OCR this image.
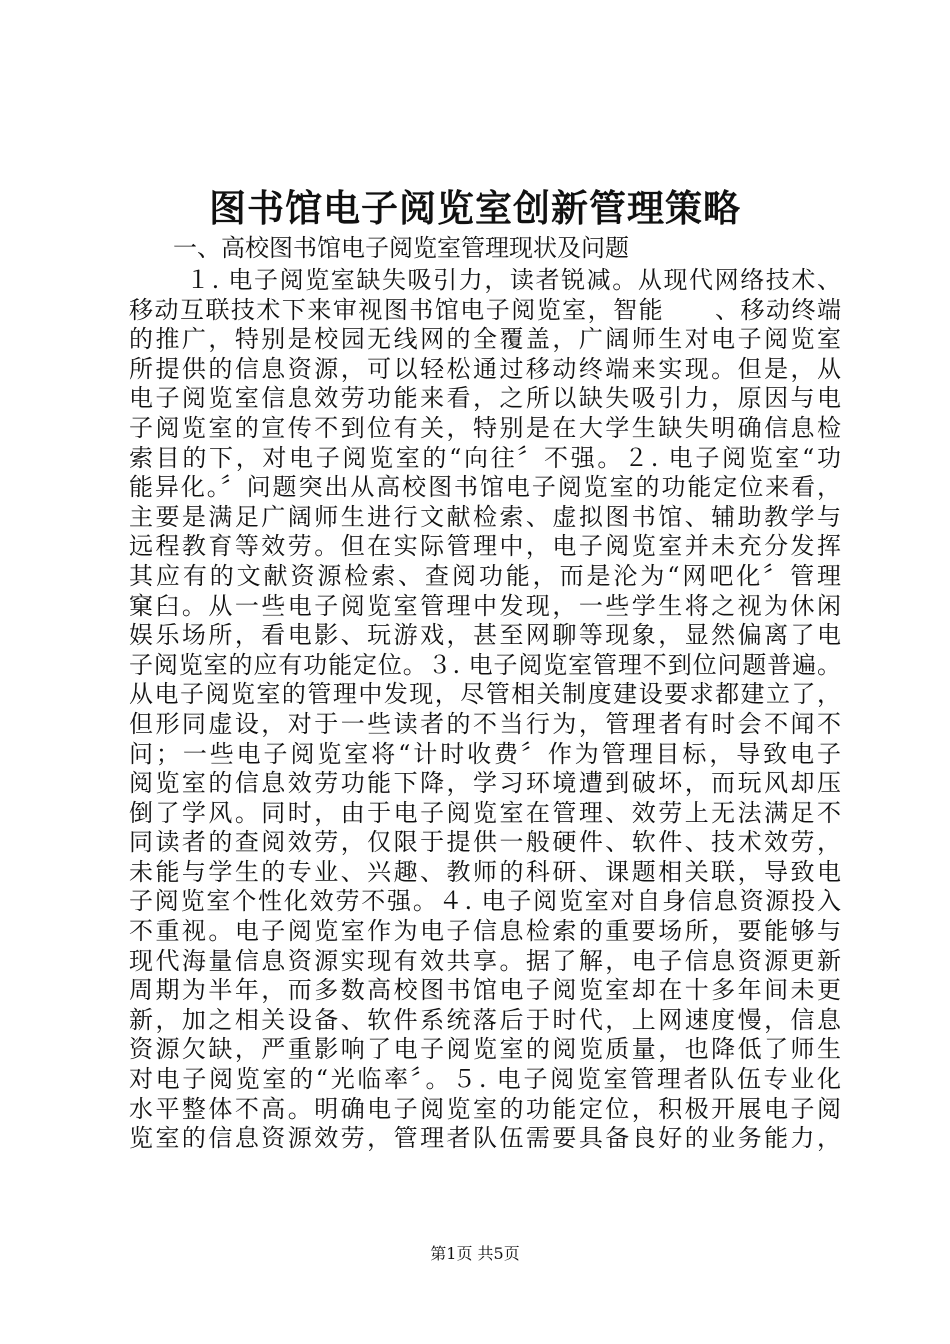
图书馆电子阅览室创新管理策略

一、高校图书馆电子阅览室管理现状及问题

１. 电子阅览室缺失吸引力，读者锐减。从现代网络技术、
移动互联技术下来审视图书馆电子阅览室，智能　　、移动终端
的推广，特别是校园无线网的全覆盖，广阔师生对电子阅览室
所提供的信息资源，可以轻松通过移动终端来实现。但是，从
电子阅览室信息效劳功能来看，之所以缺失吸引力，原因与电
子阅览室的宣传不到位有关，特别是在大学生缺失明确信息检
索目的下，对电子阅览室的“向往〞不强。２. 电子阅览室“功
能异化。〞问题突出从高校图书馆电子阅览室的功能定位来看，
主要是满足广阔师生进行文献检索、虚拟图书馆、辅助教学与
远程教育等效劳。但在实际管理中，电子阅览室并未充分发挥
其应有的文献资源检索、查阅功能，而是沦为“网吧化〞管理
窠臼。从一些电子阅览室管理中发现，一些学生将之视为休闲
娱乐场所，看电影、玩游戏，甚至网聊等现象，显然偏离了电
子阅览室的应有功能定位。３. 电子阅览室管理不到位问题普遍。
从电子阅览室的管理中发现，尽管相关制度建设要求都建立了，
但形同虚设，对于一些读者的不当行为，管理者有时会不闻不
问；一些电子阅览室将“计时收费〞作为管理目标，导致电子
阅览室的信息效劳功能下降，学习环境遭到破坏，而玩风却压
倒了学风。同时，由于电子阅览室在管理、效劳上无法满足不
同读者的查阅效劳，仅限于提供一般硬件、软件、技术效劳，
未能与学生的专业、兴趣、教师的科研、课题相关联，导致电
子阅览室个性化效劳不强。４. 电子阅览室对自身信息资源投入
不重视。电子阅览室作为电子信息检索的重要场所，要能够与
现代海量信息资源实现有效共享。据了解，电子信息资源更新
周期为半年，而多数高校图书馆电子阅览室却在十多年间未更
新，加之相关设备、软件系统落后于时代，上网速度慢，信息
资源欠缺，严重影响了电子阅览室的阅览质量，也降低了师生
对电子阅览室的“光临率〞。５. 电子阅览室管理者队伍专业化
水平整体不高。明确电子阅览室的功能定位，积极开展电子阅
览室的信息资源效劳，管理者队伍需要具备良好的业务能力，
第1页 共5页
